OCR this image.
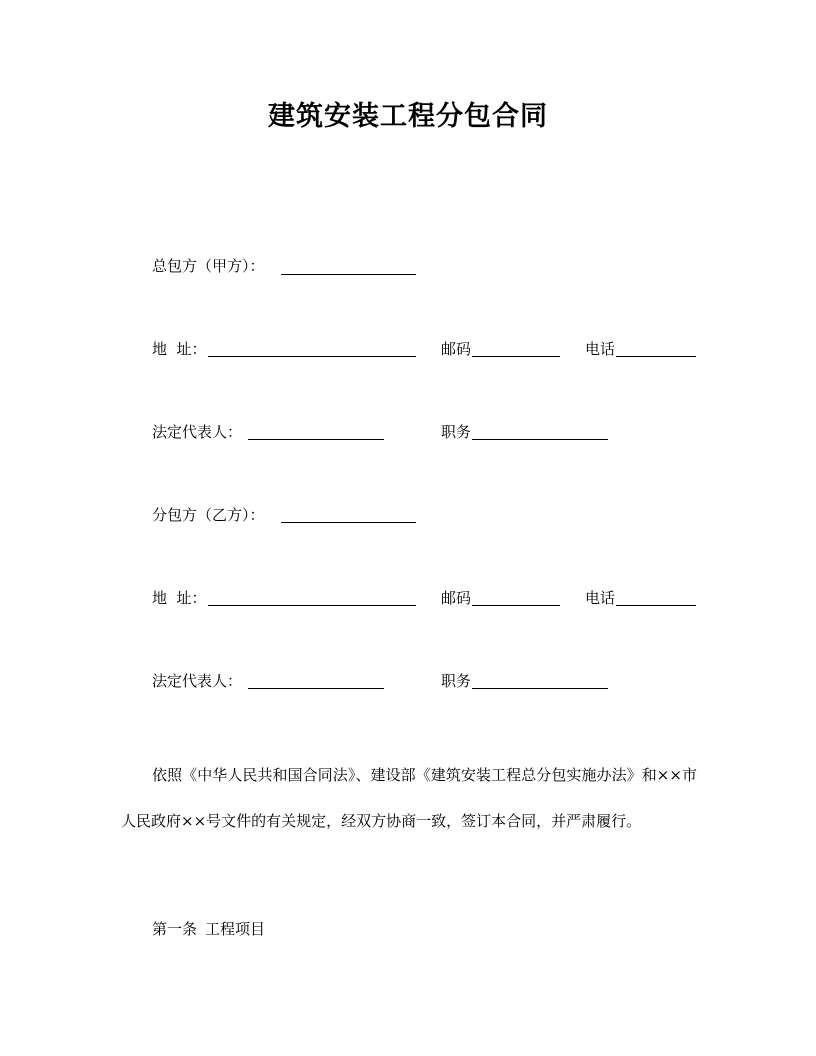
建筑安装工程分包合同
总包方（甲方）：
地  址：	邮码	电话
法定代表人：	职务
分包方（乙方）：
地  址：	邮码	电话
法定代表人：	职务
依照《中华人民共和国合同法》、建设部《建筑安装工程总分包实施办法》和××市人民政府××号文件的有关规定，经双方协商一致，签订本合同，并严肃履行。
第一条 工程项目
